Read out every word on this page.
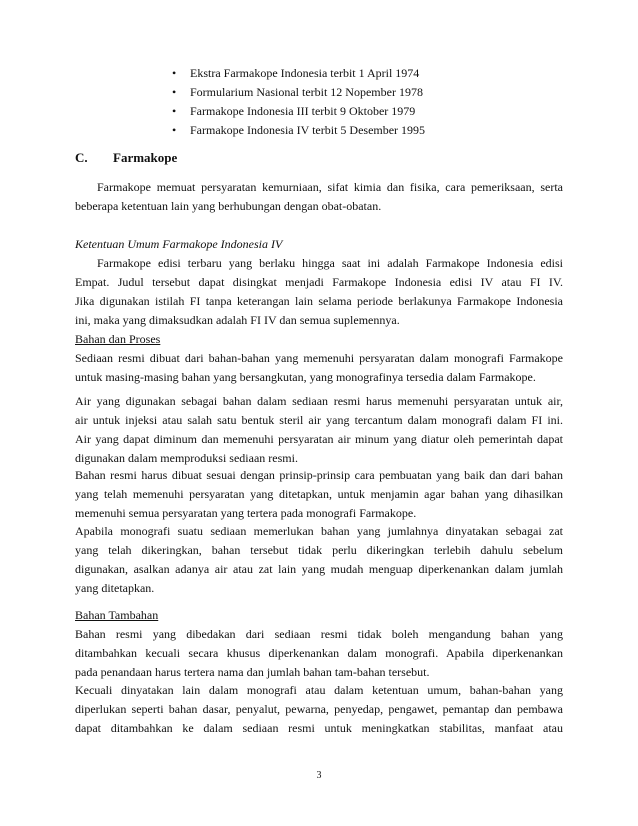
• Ekstra Farmakope Indonesia terbit 1 April 1974
• Formularium Nasional terbit 12 Nopember 1978
• Farmakope Indonesia III terbit 9 Oktober 1979
• Farmakope Indonesia IV terbit 5 Desember 1995
C. Farmakope
Farmakope memuat persyaratan kemurniaan, sifat kimia dan fisika, cara pemeriksaan, serta
beberapa ketentuan lain yang berhubungan dengan obat-obatan.
Ketentuan Umum Farmakope Indonesia IV
Farmakope edisi terbaru yang berlaku hingga saat ini adalah Farmakope Indonesia edisi
Empat. Judul tersebut dapat disingkat menjadi Farmakope Indonesia edisi IV atau FI IV.
Jika digunakan istilah FI tanpa keterangan lain selama periode berlakunya Farmakope Indonesia
ini, maka yang dimaksudkan adalah FI IV dan semua suplemennya.
Bahan dan Proses
Sediaan resmi dibuat dari bahan-bahan yang memenuhi persyaratan dalam monografi Farmakope
untuk masing-masing bahan yang bersangkutan, yang monografinya tersedia dalam Farmakope.
Air yang digunakan sebagai bahan dalam sediaan resmi harus memenuhi persyaratan untuk air,
air untuk injeksi atau salah satu bentuk steril air yang tercantum dalam monografi dalam FI ini.
Air yang dapat diminum dan memenuhi persyaratan air minum yang diatur oleh pemerintah dapat
digunakan dalam memproduksi sediaan resmi.
Bahan resmi harus dibuat sesuai dengan prinsip-prinsip cara pembuatan yang baik dan dari bahan
yang telah memenuhi persyaratan yang ditetapkan, untuk menjamin agar bahan yang dihasilkan
memenuhi semua persyaratan yang tertera pada monografi Farmakope.
Apabila monografi suatu sediaan memerlukan bahan yang jumlahnya dinyatakan sebagai zat
yang telah dikeringkan, bahan tersebut tidak perlu dikeringkan terlebih dahulu sebelum
digunakan, asalkan adanya air atau zat lain yang mudah menguap diperkenankan dalam jumlah
yang ditetapkan.
Bahan Tambahan
Bahan resmi yang dibedakan dari sediaan resmi tidak boleh mengandung bahan yang
ditambahkan kecuali secara khusus diperkenankan dalam monografi. Apabila diperkenankan
pada penandaan harus tertera nama dan jumlah bahan tam-bahan tersebut.
Kecuali dinyatakan lain dalam monografi atau dalam ketentuan umum, bahan-bahan yang
diperlukan seperti bahan dasar, penyalut, pewarna, penyedap, pengawet, pemantap dan pembawa
dapat ditambahkan ke dalam sediaan resmi untuk meningkatkan stabilitas, manfaat atau
3
